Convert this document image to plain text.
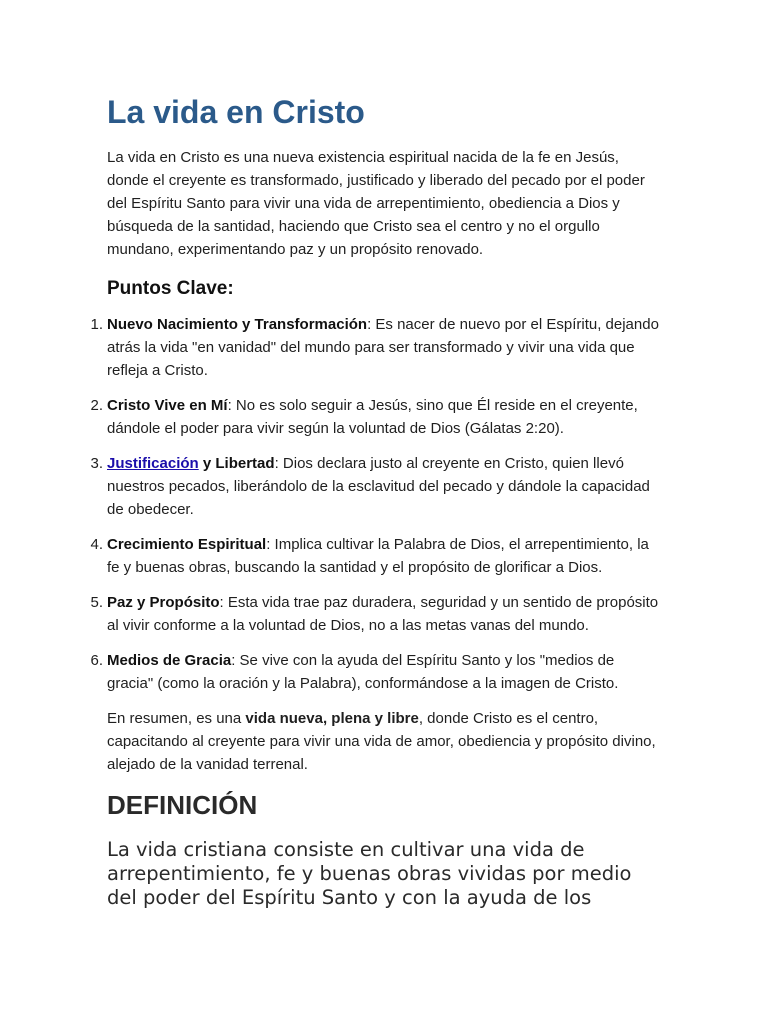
La vida en Cristo

La vida en Cristo es una nueva existencia espiritual nacida de la fe en Jesús, donde el creyente es transformado, justificado y liberado del pecado por el poder del Espíritu Santo para vivir una vida de arrepentimiento, obediencia a Dios y búsqueda de la santidad, haciendo que Cristo sea el centro y no el orgullo mundano, experimentando paz y un propósito renovado.

Puntos Clave:
1. Nuevo Nacimiento y Transformación: Es nacer de nuevo por el Espíritu, dejando atrás la vida "en vanidad" del mundo para ser transformado y vivir una vida que refleja a Cristo.
2. Cristo Vive en Mí: No es solo seguir a Jesús, sino que Él reside en el creyente, dándole el poder para vivir según la voluntad de Dios (Gálatas 2:20).
3. Justificación y Libertad: Dios declara justo al creyente en Cristo, quien llevó nuestros pecados, liberándolo de la esclavitud del pecado y dándole la capacidad de obedecer.
4. Crecimiento Espiritual: Implica cultivar la Palabra de Dios, el arrepentimiento, la fe y buenas obras, buscando la santidad y el propósito de glorificar a Dios.
5. Paz y Propósito: Esta vida trae paz duradera, seguridad y un sentido de propósito al vivir conforme a la voluntad de Dios, no a las metas vanas del mundo.
6. Medios de Gracia: Se vive con la ayuda del Espíritu Santo y los "medios de gracia" (como la oración y la Palabra), conformándose a la imagen de Cristo.

En resumen, es una vida nueva, plena y libre, donde Cristo es el centro, capacitando al creyente para vivir una vida de amor, obediencia y propósito divino, alejado de la vanidad terrenal.

DEFINICIÓN

La vida cristiana consiste en cultivar una vida de arrepentimiento, fe y buenas obras vividas por medio del poder del Espíritu Santo y con la ayuda de los
